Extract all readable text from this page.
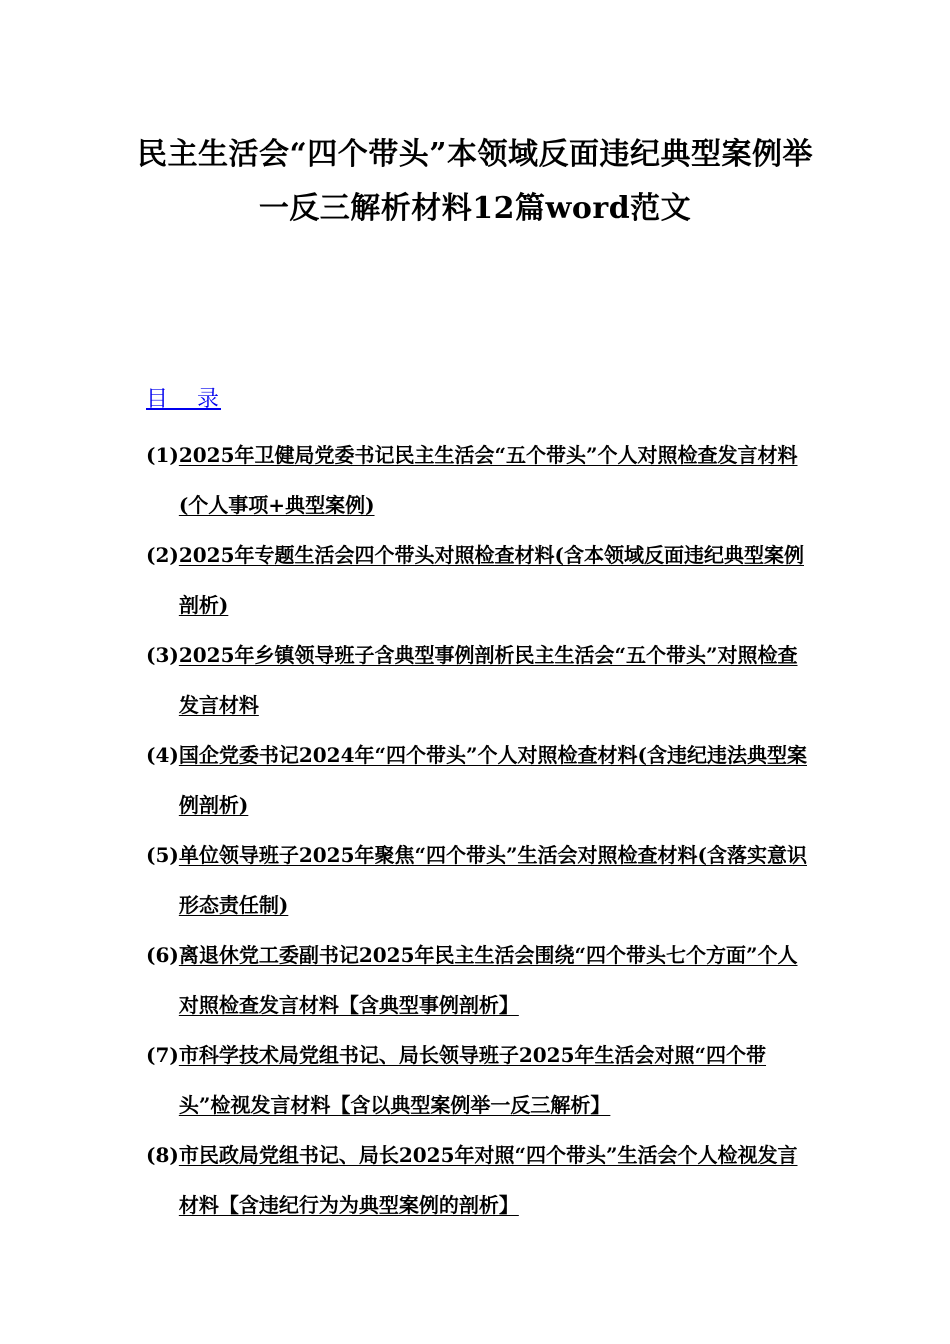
民主生活会“四个带头”本领域反面违纪典型案例举
一反三解析材料12篇word范文
目 录
(1) 2025年卫健局党委书记民主生活会“五个带头”个人对照检查发言材料(个人事项+典型案例)
(2) 2025年专题生活会四个带头对照检查材料(含本领域反面违纪典型案例剖析)
(3) 2025年乡镇领导班子含典型事例剖析民主生活会“五个带头”对照检查发言材料
(4) 国企党委书记2024年“四个带头”个人对照检查材料(含违纪违法典型案例剖析)
(5) 单位领导班子2025年聚焦“四个带头”生活会对照检查材料(含落实意识形态责任制)
(6) 离退休党工委副书记2025年民主生活会围绕“四个带头七个方面”个人对照检查发言材料【含典型事例剖析】
(7) 市科学技术局党组书记、局长领导班子2025年生活会对照“四个带头”检视发言材料【含以典型案例举一反三解析】
(8) 市民政局党组书记、局长2025年对照“四个带头”生活会个人检视发言材料【含违纪行为为典型案例的剖析】
